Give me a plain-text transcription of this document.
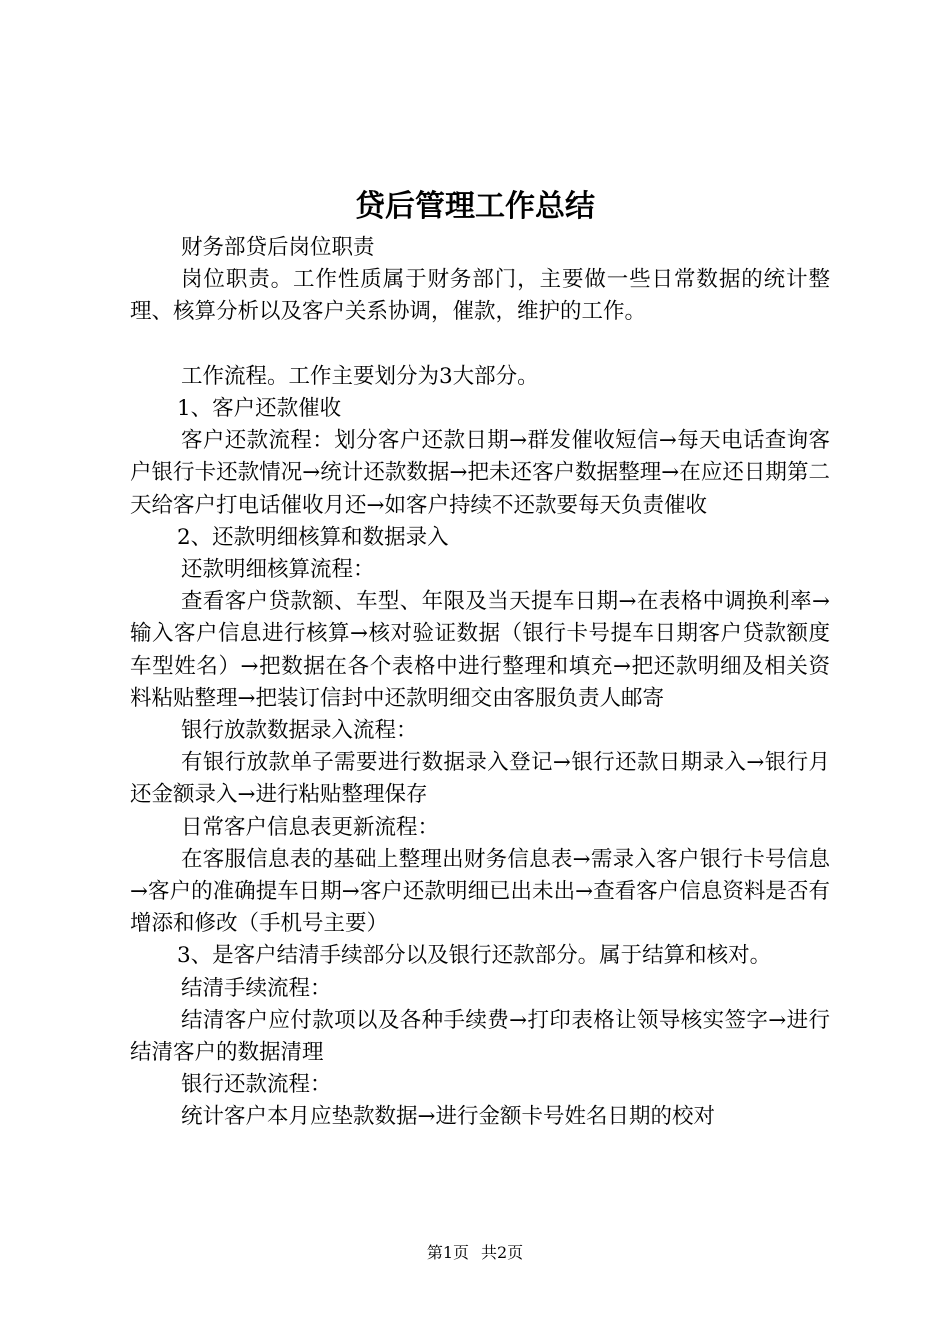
贷后管理工作总结

财务部贷后岗位职责

岗位职责。工作性质属于财务部门，主要做一些日常数据的统计整理、核算分析以及客户关系协调，催款，维护的工作。

工作流程。工作主要划分为3大部分。

1、客户还款催收

客户还款流程：划分客户还款日期→群发催收短信→每天电话查询客户银行卡还款情况→统计还款数据→把未还客户数据整理→在应还日期第二天给客户打电话催收月还→如客户持续不还款要每天负责催收

2、还款明细核算和数据录入

还款明细核算流程：

查看客户贷款额、车型、年限及当天提车日期→在表格中调换利率→输入客户信息进行核算→核对验证数据（银行卡号提车日期客户贷款额度车型姓名）→把数据在各个表格中进行整理和填充→把还款明细及相关资料粘贴整理→把装订信封中还款明细交由客服负责人邮寄

银行放款数据录入流程：

有银行放款单子需要进行数据录入登记→银行还款日期录入→银行月还金额录入→进行粘贴整理保存

日常客户信息表更新流程：

在客服信息表的基础上整理出财务信息表→需录入客户银行卡号信息→客户的准确提车日期→客户还款明细已出未出→查看客户信息资料是否有增添和修改（手机号主要）

3、是客户结清手续部分以及银行还款部分。属于结算和核对。

结清手续流程：

结清客户应付款项以及各种手续费→打印表格让领导核实签字→进行结清客户的数据清理

银行还款流程：

统计客户本月应垫款数据→进行金额卡号姓名日期的校对

第1页 共2页
